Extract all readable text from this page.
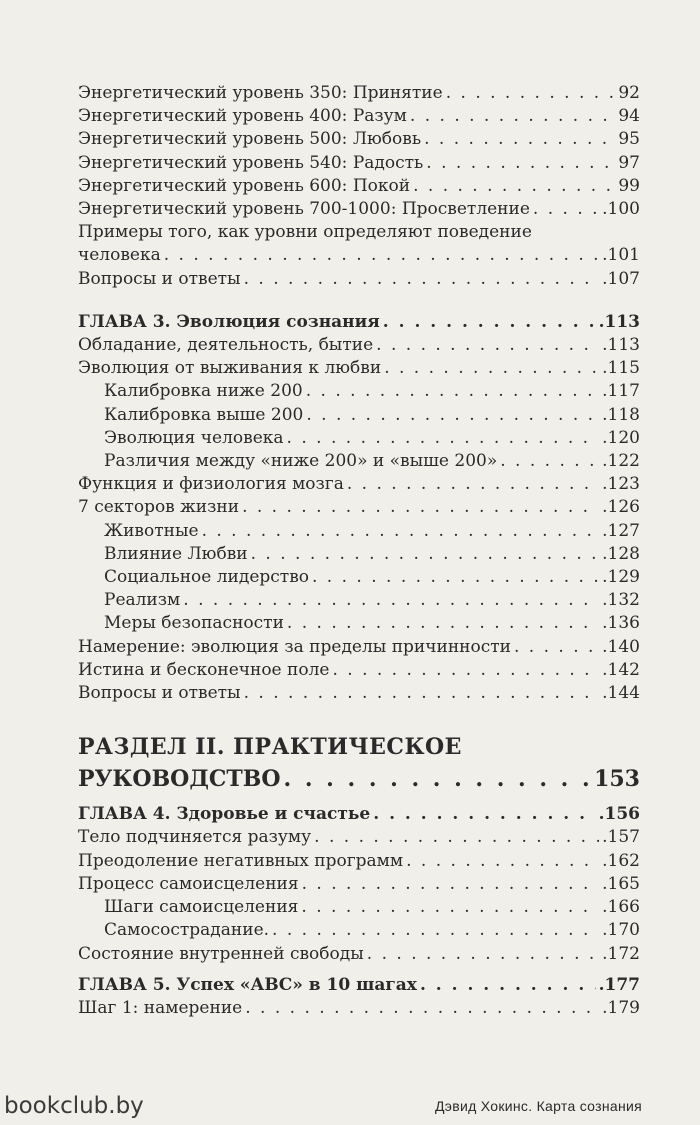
Энергетический уровень 350: Принятие . . .	92
Энергетический уровень 400: Разум . . .	94
Энергетический уровень 500: Любовь . . .	95
Энергетический уровень 540: Радость . . .	97
Энергетический уровень 600: Покой . . .	99
Энергетический уровень 700-1000: Просветление . . .	.100
Примеры того, как уровни определяют поведение
человека . . .	.101
Вопросы и ответы . . .	.107
ГЛАВА 3. Эволюция сознания . . .	.113
Обладание, деятельность, бытие . . .	.113
Эволюция от выживания к любви . . .	.115
Калибровка ниже 200 . . .	.117
Калибровка выше 200 . . .	.118
Эволюция человека . . .	.120
Различия между «ниже 200» и «выше 200» . . .	.122
Функция и физиология мозга . . .	.123
7 секторов жизни . . .	.126
Животные . . .	.127
Влияние Любви . . .	.128
Социальное лидерство . . .	.129
Реализм . . .	.132
Меры безопасности . . .	.136
Намерение: эволюция за пределы причинности . . .	.140
Истина и бесконечное поле . . .	.142
Вопросы и ответы . . .	.144
РАЗДЕЛ II. ПРАКТИЧЕСКОЕ
РУКОВОДСТВО . . .	153
ГЛАВА 4. Здоровье и счастье . . .	.156
Тело подчиняется разуму . . .	.157
Преодоление негативных программ . . .	.162
Процесс самоисцеления . . .	.165
Шаги самоисцеления . . .	.166
Самосострадание. . . .	.170
Состояние внутренней свободы . . .	.172
ГЛАВА 5. Успех «АВС» в 10 шагах . . .	.177
Шаг 1: намерение . . .	.179
bookclub.by	Дэвид Хокинс. Карта сознания
